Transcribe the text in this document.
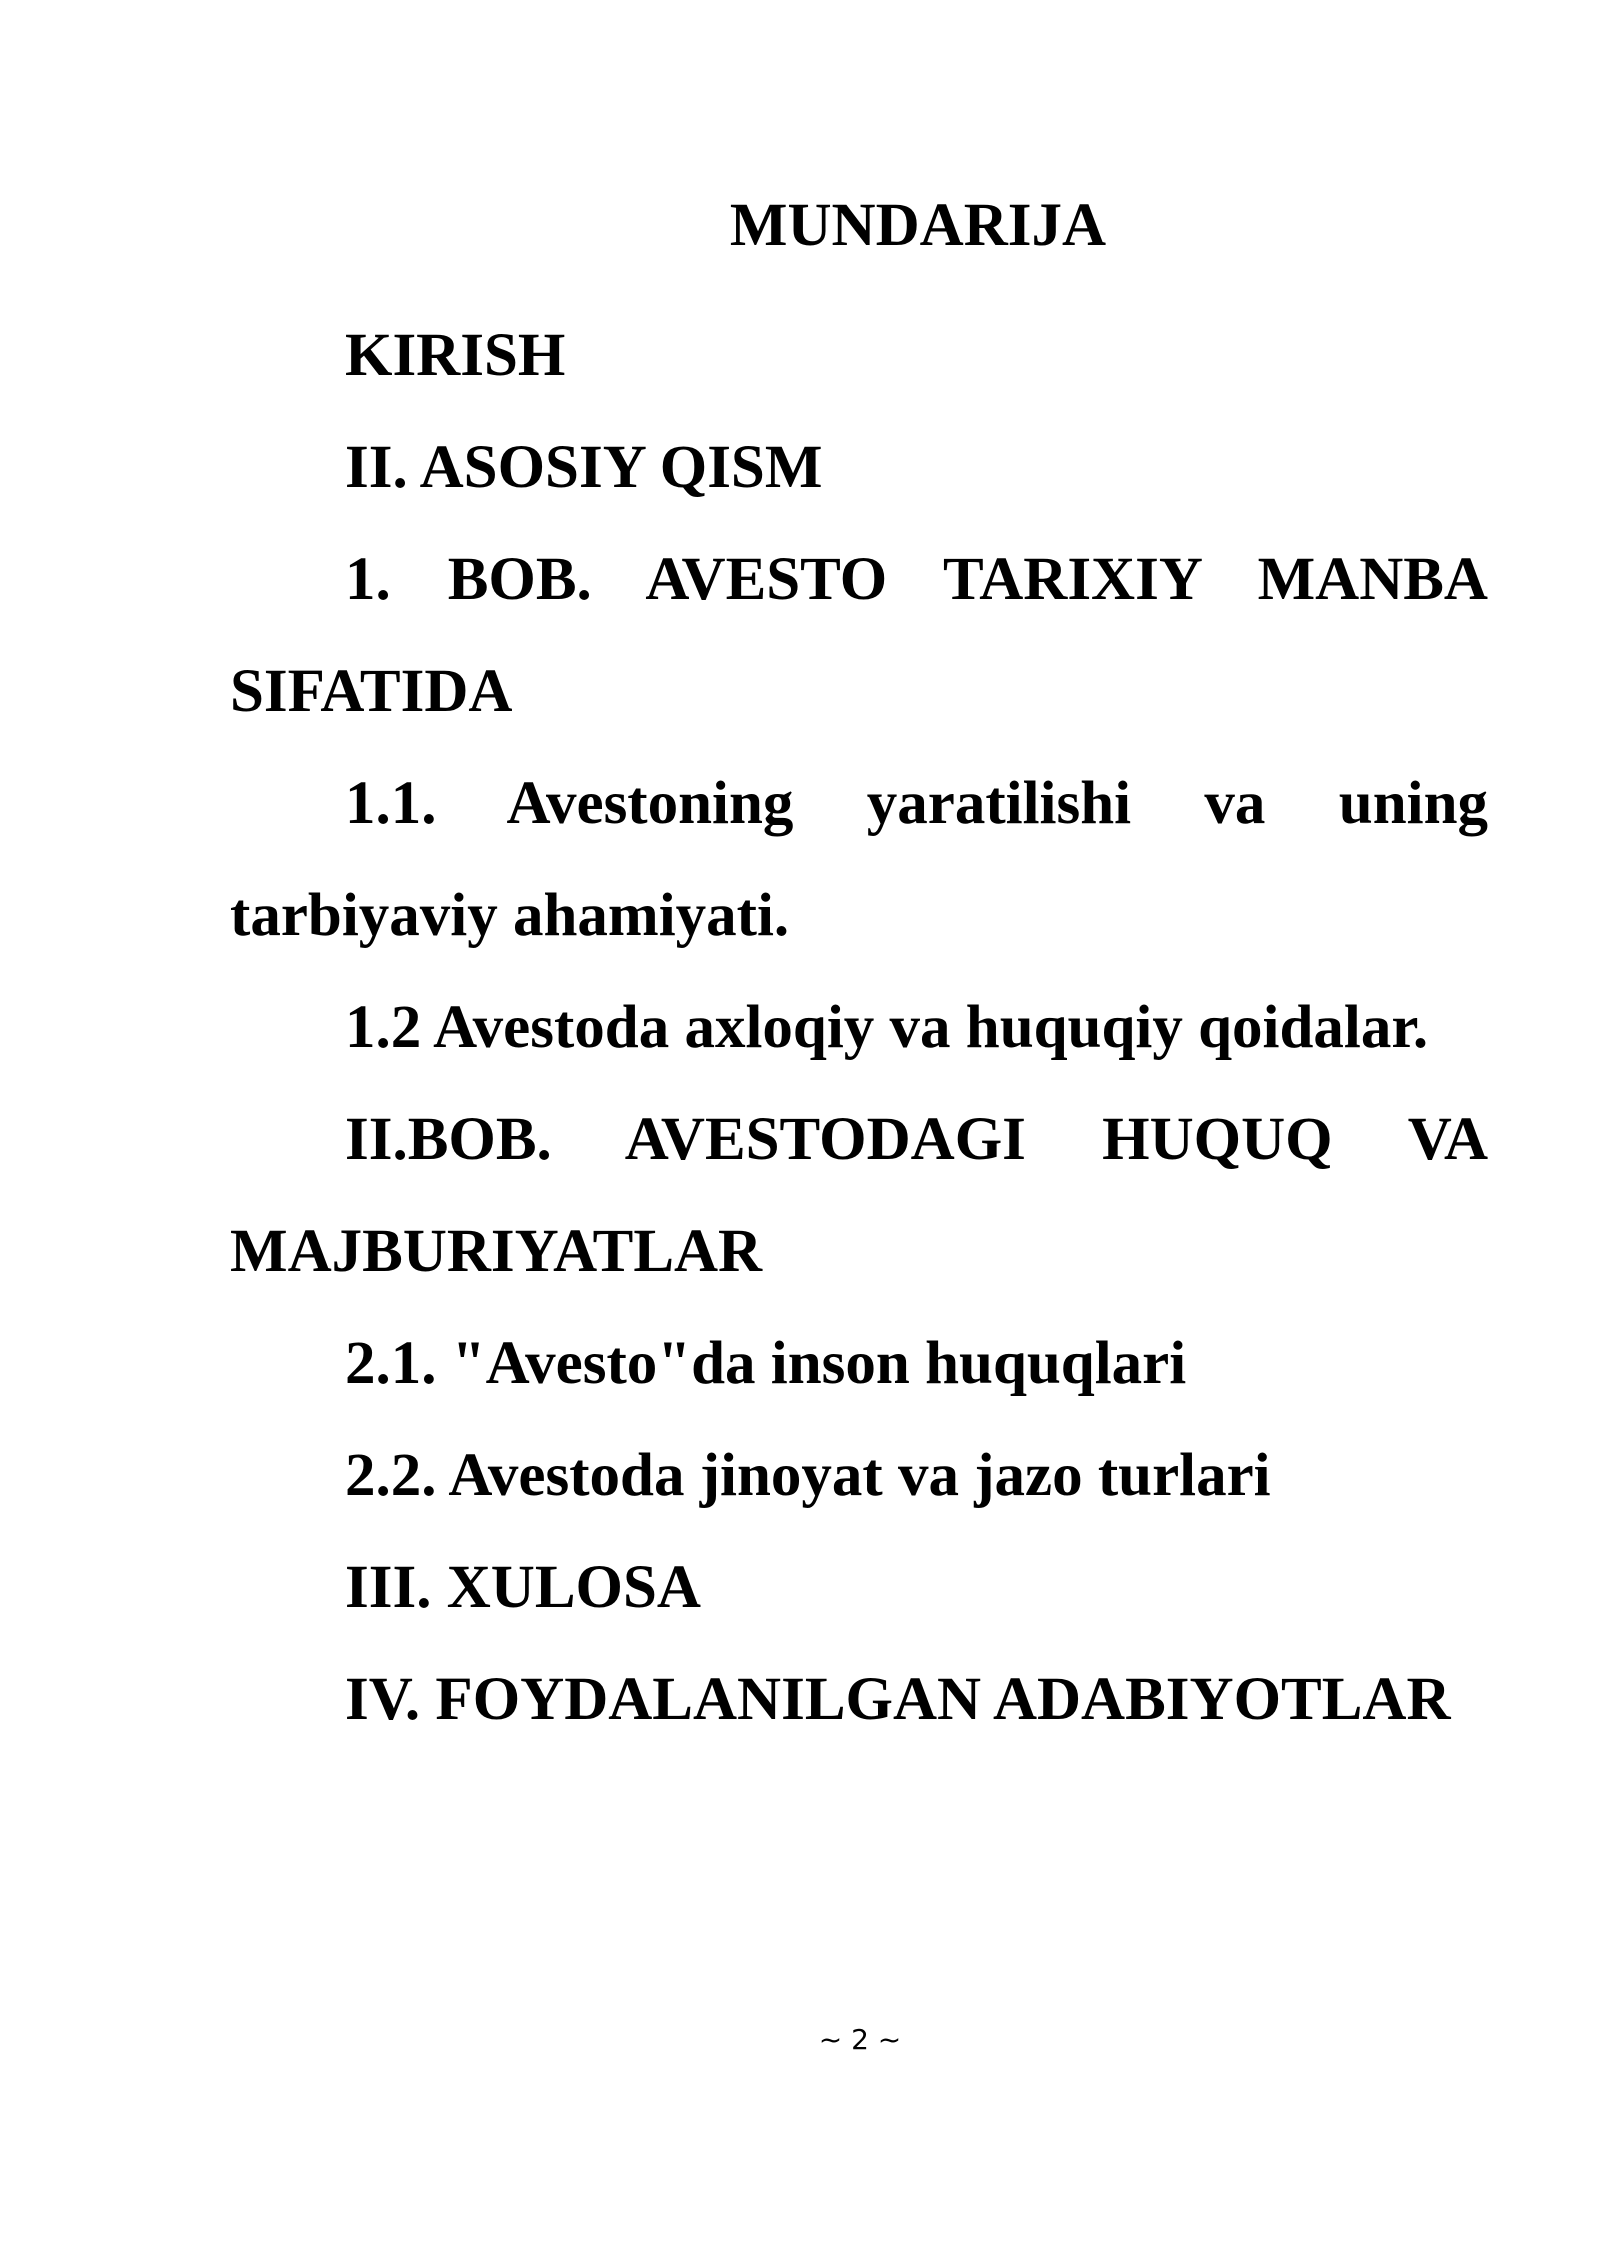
MUNDARIJA
KIRISH
II. ASOSIY QISM
1. BOB. AVESTO TARIXIY MANBA SIFATIDA
1.1. Avestoning yaratilishi va uning tarbiyaviy ahamiyati.
1.2 Avestoda axloqiy va huquqiy qoidalar.
II.BOB. AVESTODAGI HUQUQ VA MAJBURIYATLAR
2.1. "Avesto"da inson huquqlari
2.2. Avestoda jinoyat va jazo turlari
III. XULOSA
IV. FOYDALANILGAN ADABIYOTLAR
~ 2 ~
